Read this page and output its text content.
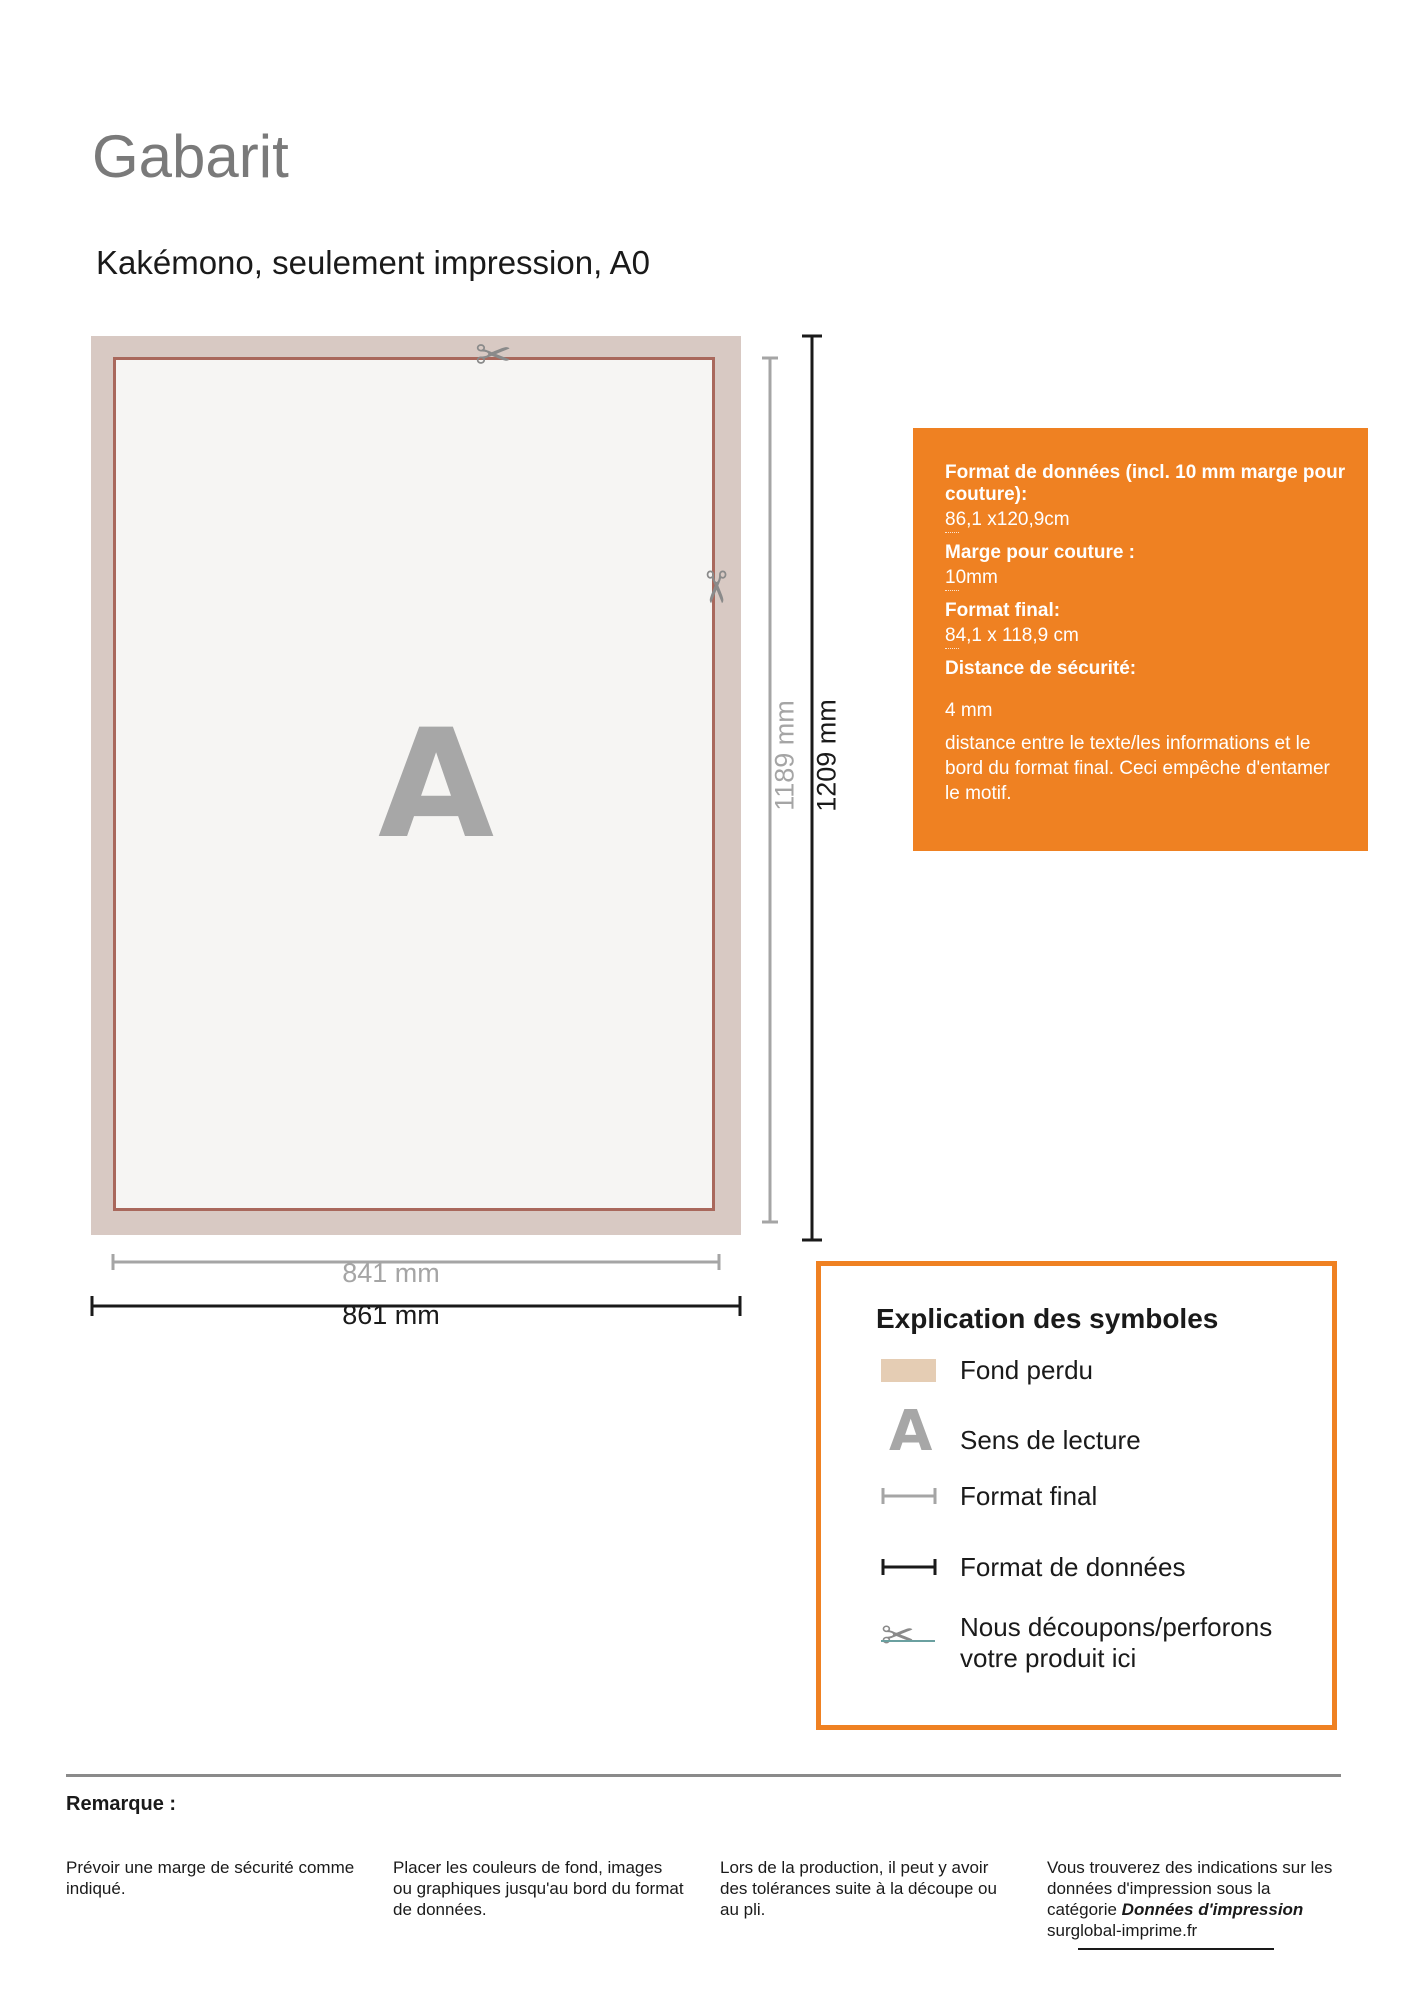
Gabarit
Kakémono, seulement impression, A0
A
✂
✂
1189 mm 1209 mm
841 mm
861 mm

Format de données (incl. 10 mm marge pour couture):

86,1 x120,9cm

Marge pour couture :

10mm

Format final:

84,1 x 118,9 cm

Distance de sécurité:

4 mm

distance entre le texte/les informations et le bord du format final. Ceci empêche d'entamer le motif.

Explication des symboles
Fond perdu
A Sens de lecture
Format final
Format de données
✂ Nous découpons/perforons votre produit ici

Remarque :

Prévoir une marge de sécurité comme indiqué.

Placer les couleurs de fond, images ou graphiques jusqu'au bord du format de données.

Lors de la production, il peut y avoir des tolérances suite à la découpe ou au pli.

Vous trouverez des indications sur les données d'impression sous la catégorie Données d'impression
surglobal-imprime.fr
